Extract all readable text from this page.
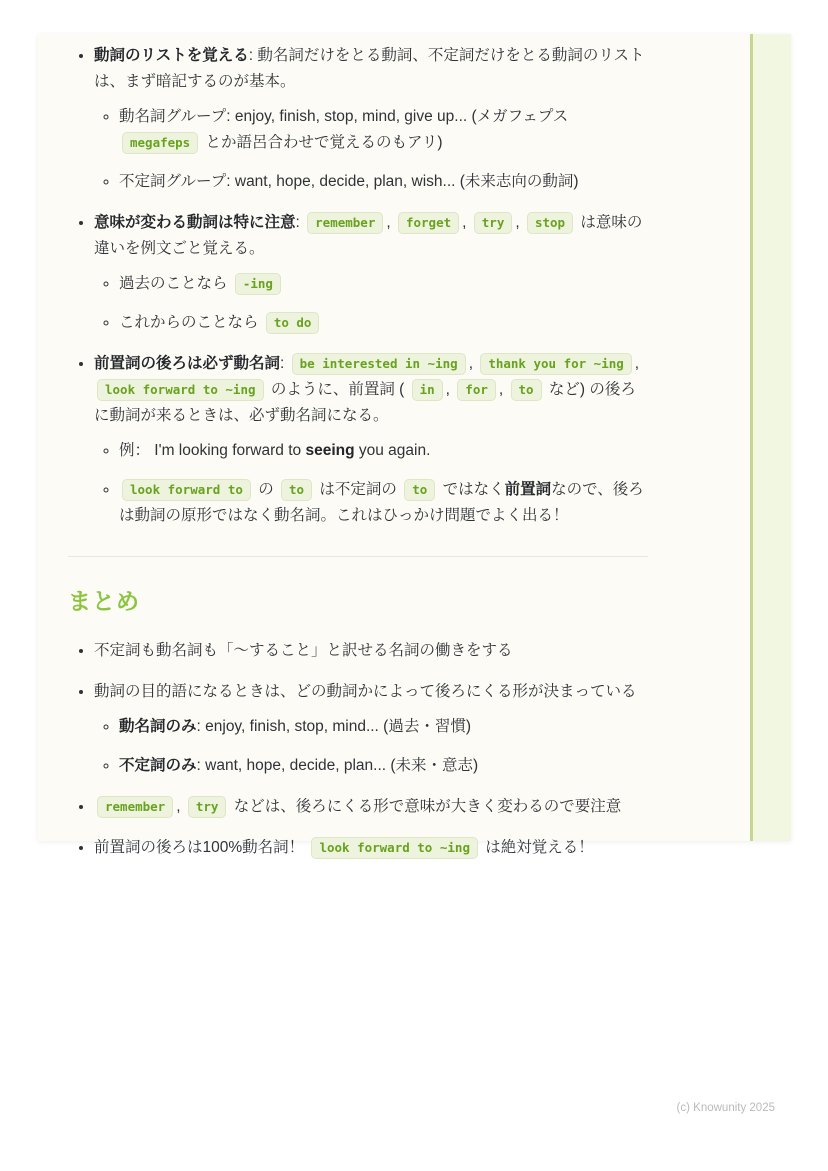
• 動詞のリストを覚える: 動名詞だけをとる動詞、不定詞だけをとる動詞のリストは、まず暗記するのが基本。
◦ 動名詞グループ: enjoy, finish, stop, mind, give up... (メガフェプス megafeps とか語呂合わせで覚えるのもアリ)
◦ 不定詞グループ: want, hope, decide, plan, wish... (未来志向の動詞)
• 意味が変わる動詞は特に注意: remember , forget , try , stop は意味の違いを例文ごと覚える。
◦ 過去のことなら -ing
◦ これからのことなら to do
• 前置詞の後ろは必ず動名詞: be interested in ~ing , thank you for ~ing , look forward to ~ing のように、前置詞 ( in , for , to など) の後ろに動詞が来るときは、必ず動名詞になる。
◦ 例： I'm looking forward to seeing you again.
◦ look forward to の to は不定詞の to ではなく前置詞なので、後ろは動詞の原形ではなく動名詞。これはひっかけ問題でよく出る！
まとめ
• 不定詞も動名詞も「〜すること」と訳せる名詞の働きをする
• 動詞の目的語になるときは、どの動詞かによって後ろにくる形が決まっている
◦ 動名詞のみ: enjoy, finish, stop, mind... (過去・習慣)
◦ 不定詞のみ: want, hope, decide, plan... (未来・意志)
• remember , try などは、後ろにくる形で意味が大きく変わるので要注意
• 前置詞の後ろは100%動名詞！ look forward to ~ing は絶対覚える！
(c) Knowunity 2025
